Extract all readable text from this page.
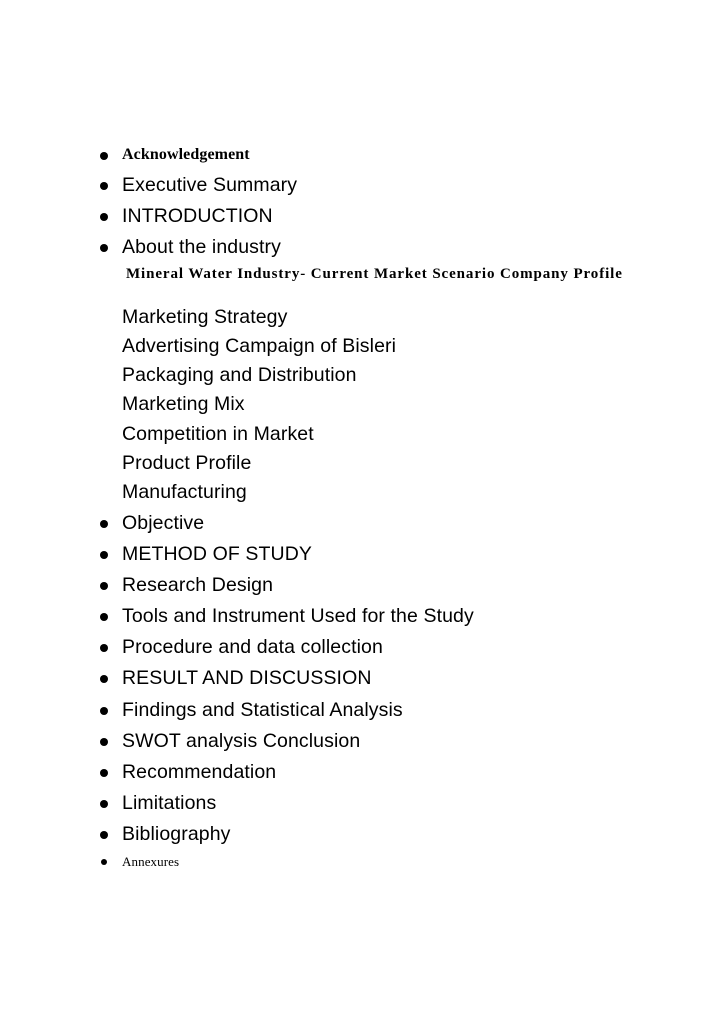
Acknowledgement
Executive Summary
INTRODUCTION
About the industry
Mineral Water Industry- Current Market Scenario Company Profile
Marketing Strategy
Advertising Campaign of Bisleri
Packaging and Distribution
Marketing Mix
Competition in Market
Product Profile
Manufacturing
Objective
METHOD OF STUDY
Research Design
Tools and Instrument Used for the Study
Procedure and data collection
RESULT AND DISCUSSION
Findings and Statistical Analysis
SWOT analysis Conclusion
Recommendation
Limitations
Bibliography
Annexures
